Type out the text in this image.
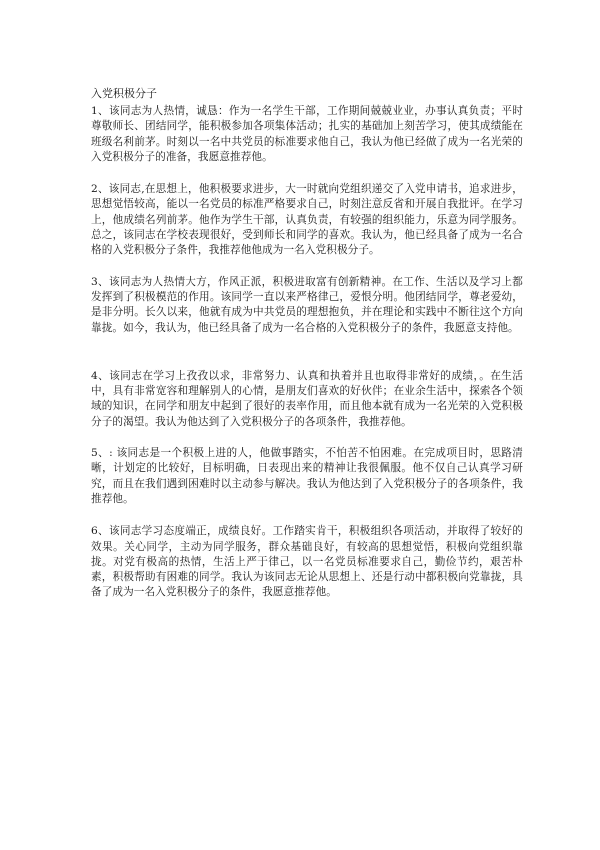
入党积极分子

1、该同志为人热情，诚恳：作为一名学生干部，工作期间兢兢业业，办事认真负责；平时尊敬师长、团结同学，能积极参加各项集体活动；扎实的基础加上刻苦学习，使其成绩能在班级名利前茅。时刻以一名中共党员的标准要求他自己，我认为他已经做了成为一名光荣的入党积极分子的准备，我愿意推荐他。

2、该同志,在思想上，他积极要求进步，大一时就向党组织递交了入党申请书，追求进步，思想觉悟较高，能以一名党员的标准严格要求自己，时刻注意反省和开展自我批评。在学习上，他成绩名列前茅。他作为学生干部，认真负责，有较强的组织能力，乐意为同学服务。总之，该同志在学校表现很好，受到师长和同学的喜欢。我认为，他已经具备了成为一名合格的入党积极分子条件，我推荐他他成为一名入党积极分子。

3、该同志为人热情大方，作风正派，积极进取富有创新精神。在工作、生活以及学习上都发挥到了积极模范的作用。该同学一直以来严格律己，爱恨分明。他团结同学，尊老爱幼，是非分明。长久以来，他就有成为中共党员的理想抱负，并在理论和实践中不断往这个方向靠拢。如今，我认为，他已经具备了成为一名合格的入党积极分子的条件，我愿意支持他。

4、该同志在学习上孜孜以求，非常努力、认真和执着并且也取得非常好的成绩，。在生活中，具有非常宽容和理解别人的心情，是朋友们喜欢的好伙伴；在业余生活中，探索各个领域的知识，在同学和朋友中起到了很好的表率作用，而且他本就有成为一名光荣的入党积极分子的渴望。我认为他达到了入党积极分子的各项条件，我推荐他。

5、: 该同志是一个积极上进的人，他做事踏实，不怕苦不怕困难。在完成项目时，思路清晰，计划定的比较好，目标明确，日表现出来的精神让我很佩服。他不仅自己认真学习研究，而且在我们遇到困难时以主动参与解决。我认为他达到了入党积极分子的各项条件，我推荐他。

6、该同志学习态度端正，成绩良好。工作踏实肯干，积极组织各项活动，并取得了较好的效果。关心同学，主动为同学服务，群众基础良好，有较高的思想觉悟，积极向党组织靠拢。对党有极高的热情，生活上严于律己，以一名党员标准要求自己，勤俭节约，艰苦朴素，积极帮助有困难的同学。我认为该同志无论从思想上、还是行动中都积极向党靠拢，具备了成为一名入党积极分子的条件，我愿意推荐他。
